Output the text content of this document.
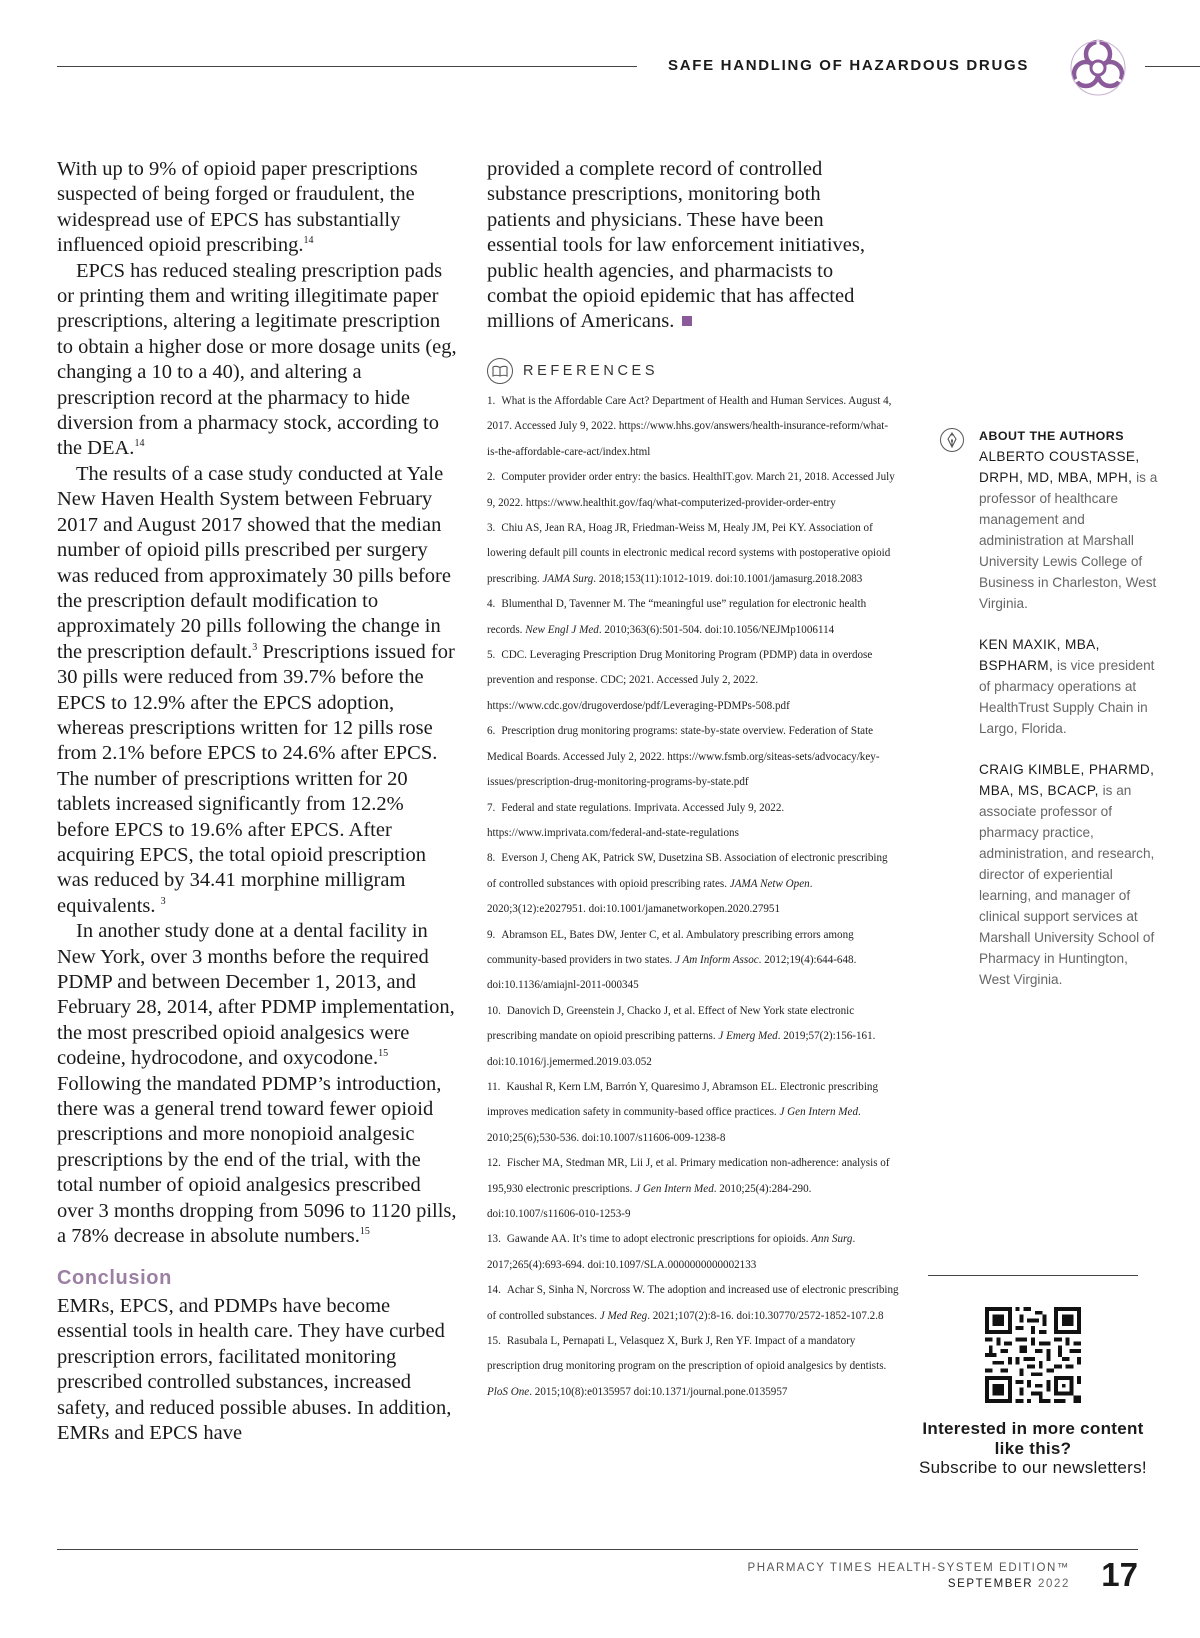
SAFE HANDLING OF HAZARDOUS DRUGS

With up to 9% of opioid paper prescriptions suspected of being forged or fraudulent, the widespread use of EPCS has substantially influenced opioid prescribing.$^{14}$

EPCS has reduced stealing prescription pads or printing them and writing illegitimate paper prescriptions, altering a legitimate prescription to obtain a higher dose or more dosage units (eg, changing a 10 to a 40), and altering a prescription record at the pharmacy to hide diversion from a pharmacy stock, according to the DEA.$^{14}$

The results of a case study conducted at Yale New Haven Health System between February 2017 and August 2017 showed that the median number of opioid pills prescribed per surgery was reduced from approximately 30 pills before the prescription default modification to approximately 20 pills following the change in the prescription default.$^3$ Prescriptions issued for 30 pills were reduced from 39.7% before the EPCS to 12.9% after the EPCS adoption, whereas prescriptions written for 12 pills rose from 2.1% before EPCS to 24.6% after EPCS. The number of prescriptions written for 20 tablets increased significantly from 12.2% before EPCS to 19.6% after EPCS. After acquiring EPCS, the total opioid prescription was reduced by 34.41 morphine milligram equivalents. $^3$

In another study done at a dental facility in New York, over 3 months before the required PDMP and between December 1, 2013, and February 28, 2014, after PDMP implementation, the most prescribed opioid analgesics were codeine, hydrocodone, and oxycodone.$^{15}$ Following the mandated PDMP’s introduction, there was a general trend toward fewer opioid prescriptions and more nonopioid analgesic prescriptions by the end of the trial, with the total number of opioid analgesics prescribed over 3 months dropping from 5096 to 1120 pills, a 78% decrease in absolute numbers.$^{15}$

Conclusion

EMRs, EPCS, and PDMPs have become essential tools in health care. They have curbed prescription errors, facilitated monitoring prescribed controlled substances, increased safety, and reduced possible abuses. In addition, EMRs and EPCS have

provided a complete record of controlled substance prescriptions, monitoring both patients and physicians. These have been essential tools for law enforcement initiatives, public health agencies, and pharmacists to combat the opioid epidemic that has affected millions of Americans.

REFERENCES

1. What is the Affordable Care Act? Department of Health and Human Services. August 4, 2017. Accessed July 9, 2022. https://www.hhs.gov/answers/health-insurance-reform/what-is-the-affordable-care-act/index.html

2. Computer provider order entry: the basics. HealthIT.gov. March 21, 2018. Accessed July 9, 2022. https://www.healthit.gov/faq/what-computerized-provider-order-entry

3. Chiu AS, Jean RA, Hoag JR, Friedman-Weiss M, Healy JM, Pei KY. Association of lowering default pill counts in electronic medical record systems with postoperative opioid prescribing. JAMA Surg. 2018;153(11):1012-1019. doi:10.1001/jamasurg.2018.2083

4. Blumenthal D, Tavenner M. The “meaningful use” regulation for electronic health records. New Engl J Med. 2010;363(6):501-504. doi:10.1056/NEJMp1006114

5. CDC. Leveraging Prescription Drug Monitoring Program (PDMP) data in overdose prevention and response. CDC; 2021. Accessed July 2, 2022. https://www.cdc.gov/drugoverdose/pdf/Leveraging-PDMPs-508.pdf

6. Prescription drug monitoring programs: state-by-state overview. Federation of State Medical Boards. Accessed July 2, 2022. https://www.fsmb.org/siteas-sets/advocacy/key-issues/prescription-drug-monitoring-programs-by-state.pdf

7. Federal and state regulations. Imprivata. Accessed July 9, 2022. https://www.imprivata.com/federal-and-state-regulations

8. Everson J, Cheng AK, Patrick SW, Dusetzina SB. Association of electronic prescribing of controlled substances with opioid prescribing rates. JAMA Netw Open. 2020;3(12):e2027951. doi:10.1001/jamanetworkopen.2020.27951

9. Abramson EL, Bates DW, Jenter C, et al. Ambulatory prescribing errors among community-based providers in two states. J Am Inform Assoc. 2012;19(4):644-648. doi:10.1136/amiajnl-2011-000345

10. Danovich D, Greenstein J, Chacko J, et al. Effect of New York state electronic prescribing mandate on opioid prescribing patterns. J Emerg Med. 2019;57(2):156-161. doi:10.1016/j.jemermed.2019.03.052

11. Kaushal R, Kern LM, Barrón Y, Quaresimo J, Abramson EL. Electronic prescribing improves medication safety in community-based office practices. J Gen Intern Med. 2010;25(6);530-536. doi:10.1007/s11606-009-1238-8

12. Fischer MA, Stedman MR, Lii J, et al. Primary medication non-adherence: analysis of 195,930 electronic prescriptions. J Gen Intern Med. 2010;25(4):284-290. doi:10.1007/s11606-010-1253-9

13. Gawande AA. It’s time to adopt electronic prescriptions for opioids. Ann Surg. 2017;265(4):693-694. doi:10.1097/SLA.0000000000002133

14. Achar S, Sinha N, Norcross W. The adoption and increased use of electronic prescribing of controlled substances. J Med Reg. 2021;107(2):8-16. doi:10.30770/2572-1852-107.2.8

15. Rasubala L, Pernapati L, Velasquez X, Burk J, Ren YF. Impact of a mandatory prescription drug monitoring program on the prescription of opioid analgesics by dentists. PloS One. 2015;10(8):e0135957 doi:10.1371/journal.pone.0135957

ABOUT THE AUTHORS

ALBERTO COUSTASSE, DRPH, MD, MBA, MPH, is a professor of healthcare management and administration at Marshall University Lewis College of Business in Charleston, West Virginia.

KEN MAXIK, MBA, BSPHARM, is vice president of pharmacy operations at HealthTrust Supply Chain in Largo, Florida.

CRAIG KIMBLE, PHARMD, MBA, MS, BCACP, is an associate professor of pharmacy practice, administration, and research, director of experiential learning, and manager of clinical support services at Marshall University School of Pharmacy in Huntington, West Virginia.

Interested in more content like this?
Subscribe to our newsletters!
PHARMACY TIMES HEALTH-SYSTEM EDITION™
SEPTEMBER 2022 17
